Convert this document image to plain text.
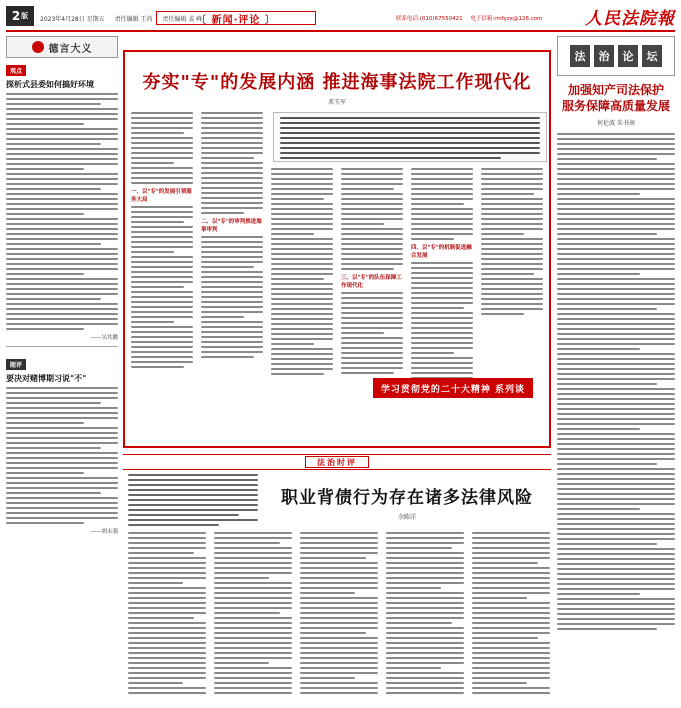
2 版 2023年4月28日 星期五 责任编辑 王尚 责任编辑 姜 峰
〔 新闻·评论 〕	联系电话:(010)67550421 电子信箱:rmfyzx@126.com	人民法院報
德言大义
观点
探析式县委如何搞好环境
——吴其鹏
随评
要决对赌博期习说"不"
——胡永强
夯实"专"的发展内涵 推进海事法院工作现代化
邓玉军
一、以"专"的发展引领服务大局
二、以"专"的审判推进海事审判
三、以"专"的队伍保障工作现代化
四、以"专"的机制促进融合发展
学习贯彻党的二十大精神 系列谈
法	治	论	坛
加强知产司法保护
服务保障高质量发展
何伦波 朱书南
法治时评
职业背债行为存在诸多法律风险
余陈洋
